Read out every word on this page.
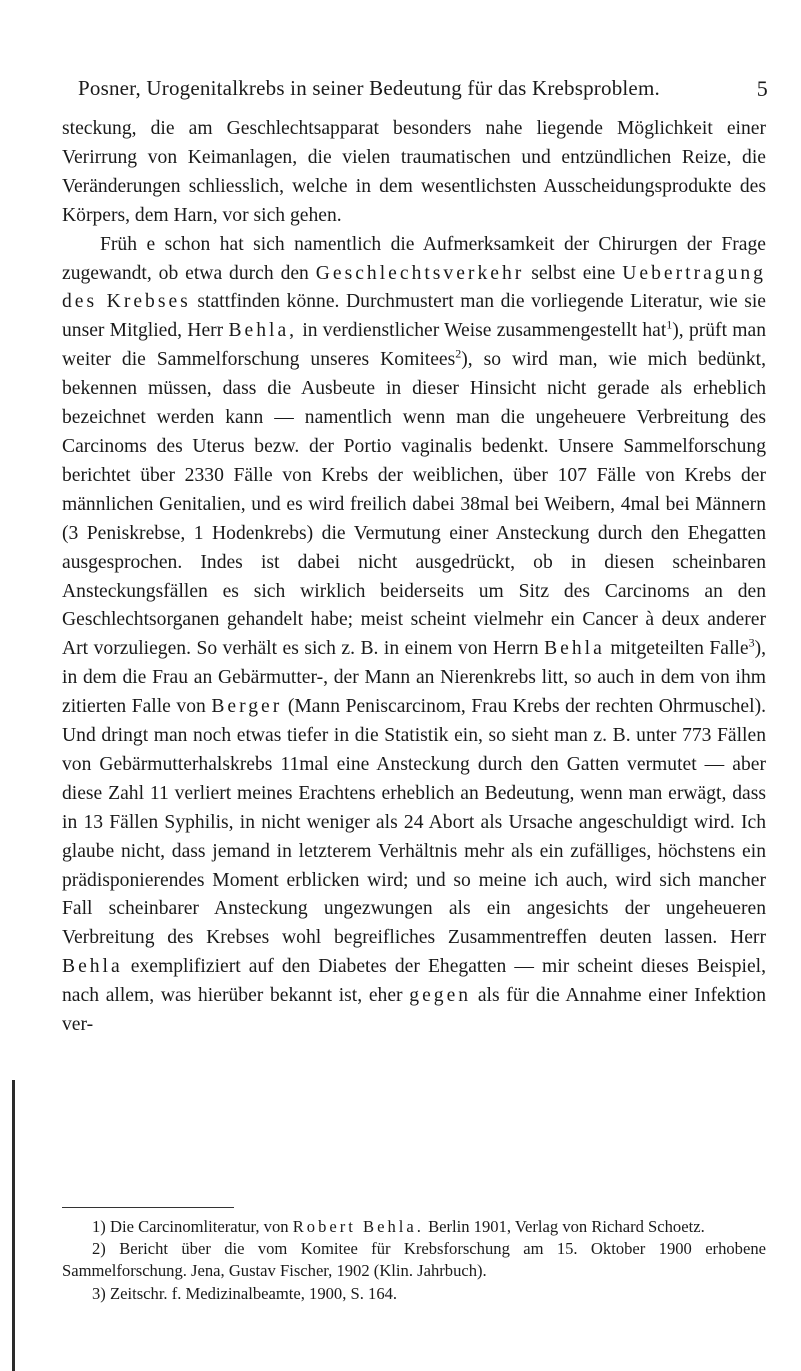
Posner, Urogenitalkrebs in seiner Bedeutung für das Krebsproblem.	5

steckung, die am Geschlechtsapparat besonders nahe liegende Möglichkeit einer Verirrung von Keimanlagen, die vielen traumatischen und entzündlichen Reize, die Veränderungen schliesslich, welche in dem wesentlichsten Ausscheidungsprodukte des Körpers, dem Harn, vor sich gehen.

Früh e schon hat sich namentlich die Aufmerksamkeit der Chirurgen der Frage zugewandt, ob etwa durch den Geschlechtsverkehr selbst eine Uebertragung des Krebses stattfinden könne. Durchmustert man die vorliegende Literatur, wie sie unser Mitglied, Herr Behla, in verdienstlicher Weise zusammengestellt hat$^1$), prüft man weiter die Sammelforschung unseres Komitees$^2$), so wird man, wie mich bedünkt, bekennen müssen, dass die Ausbeute in dieser Hinsicht nicht gerade als erheblich bezeichnet werden kann — namentlich wenn man die ungeheuere Verbreitung des Carcinoms des Uterus bezw. der Portio vaginalis bedenkt. Unsere Sammelforschung berichtet über 2330 Fälle von Krebs der weiblichen, über 107 Fälle von Krebs der männlichen Genitalien, und es wird freilich dabei 38mal bei Weibern, 4mal bei Männern (3 Peniskrebse, 1 Hodenkrebs) die Vermutung einer Ansteckung durch den Ehegatten ausgesprochen. Indes ist dabei nicht ausgedrückt, ob in diesen scheinbaren Ansteckungsfällen es sich wirklich beiderseits um Sitz des Carcinoms an den Geschlechtsorganen gehandelt habe; meist scheint vielmehr ein Cancer à deux anderer Art vorzuliegen. So verhält es sich z. B. in einem von Herrn Behla mitgeteilten Falle$^3$), in dem die Frau an Gebärmutter-, der Mann an Nierenkrebs litt, so auch in dem von ihm zitierten Falle von Berger (Mann Peniscarcinom, Frau Krebs der rechten Ohrmuschel). Und dringt man noch etwas tiefer in die Statistik ein, so sieht man z. B. unter 773 Fällen von Gebärmutterhalskrebs 11mal eine Ansteckung durch den Gatten vermutet — aber diese Zahl 11 verliert meines Erachtens erheblich an Bedeutung, wenn man erwägt, dass in 13 Fällen Syphilis, in nicht weniger als 24 Abort als Ursache angeschuldigt wird. Ich glaube nicht, dass jemand in letzterem Verhältnis mehr als ein zufälliges, höchstens ein prädisponierendes Moment erblicken wird; und so meine ich auch, wird sich mancher Fall scheinbarer Ansteckung ungezwungen als ein angesichts der ungeheueren Verbreitung des Krebses wohl begreifliches Zusammentreffen deuten lassen. Herr Behla exemplifiziert auf den Diabetes der Ehegatten — mir scheint dieses Beispiel, nach allem, was hierüber bekannt ist, eher gegen als für die Annahme einer Infektion ver-

1) Die Carcinomliteratur, von Robert Behla. Berlin 1901, Verlag von Richard Schoetz.

2) Bericht über die vom Komitee für Krebsforschung am 15. Oktober 1900 erhobene Sammelforschung. Jena, Gustav Fischer, 1902 (Klin. Jahrbuch).

3) Zeitschr. f. Medizinalbeamte, 1900, S. 164.
